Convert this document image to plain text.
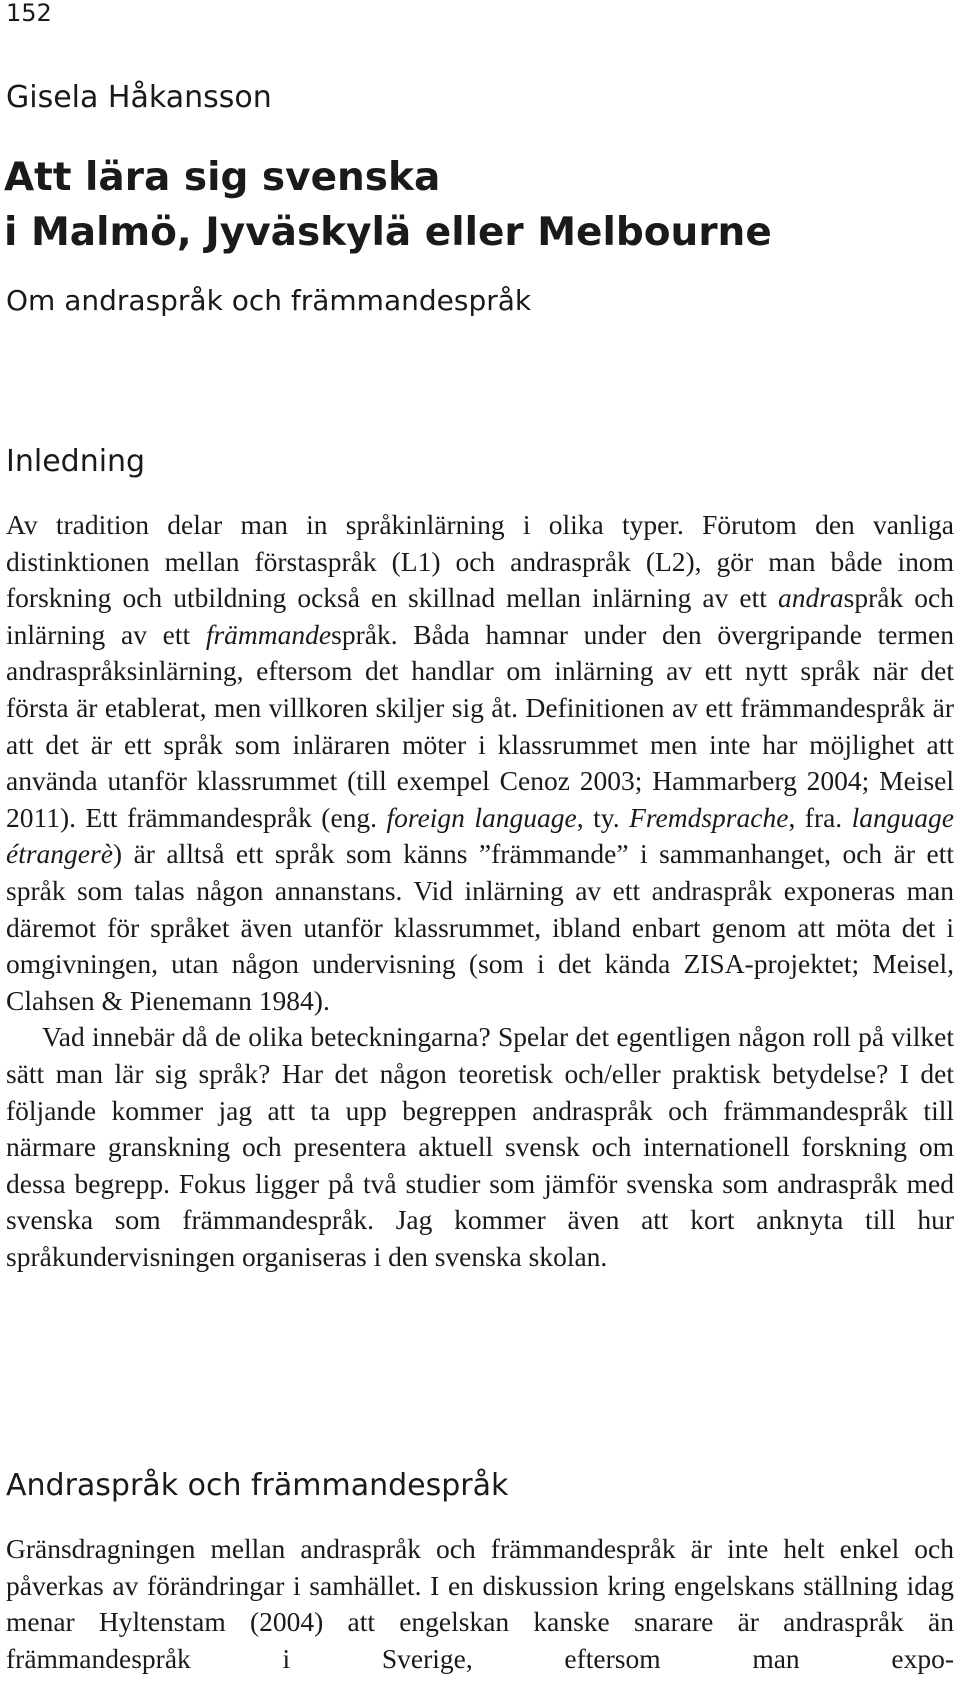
152
Gisela Håkansson
Att lära sig svenska
i Malmö, Jyväskylä eller Melbourne
Om andraspråk och främmandespråk
Inledning

Av tradition delar man in språkinlärning i olika typer. Förutom den vanliga distinktionen mellan förstaspråk (L1) och andraspråk (L2), gör man både inom forskning och utbildning också en skillnad mellan inlärning av ett andraspråk och inlärning av ett främmandespråk. Båda hamnar under den övergripande termen andraspråksinlärning, eftersom det handlar om inlärning av ett nytt språk när det första är etablerat, men villkoren skiljer sig åt. Definitionen av ett främmandespråk är att det är ett språk som inläraren möter i klassrummet men inte har möjlighet att använda utanför klassrummet (till exempel Cenoz 2003; Hammarberg 2004; Meisel 2011). Ett främmandespråk (eng. foreign language, ty. Fremdsprache, fra. language étrangerè) är alltså ett språk som känns ”främmande” i sammanhanget, och är ett språk som talas någon annanstans. Vid inlärning av ett andraspråk exponeras man däremot för språket även utanför klassrummet, ibland enbart genom att möta det i omgivningen, utan någon undervisning (som i det kända ZISA-projektet; Meisel, Clahsen & Pienemann 1984).

Vad innebär då de olika beteckningarna? Spelar det egentligen någon roll på vilket sätt man lär sig språk? Har det någon teoretisk och/eller praktisk betydelse? I det följande kommer jag att ta upp begreppen andraspråk och främmandespråk till närmare granskning och presentera aktuell svensk och internationell forskning om dessa begrepp. Fokus ligger på två studier som jämför svenska som andraspråk med svenska som främmandespråk. Jag kommer även att kort anknyta till hur språkundervisningen organiseras i den svenska skolan.

Andraspråk och främmandespråk

Gränsdragningen mellan andraspråk och främmandespråk är inte helt enkel och påverkas av förändringar i samhället. I en diskussion kring engelskans ställning idag menar Hyltenstam (2004) att engelskan kanske snarare är andraspråk än främmandespråk i Sverige, eftersom man expo-
